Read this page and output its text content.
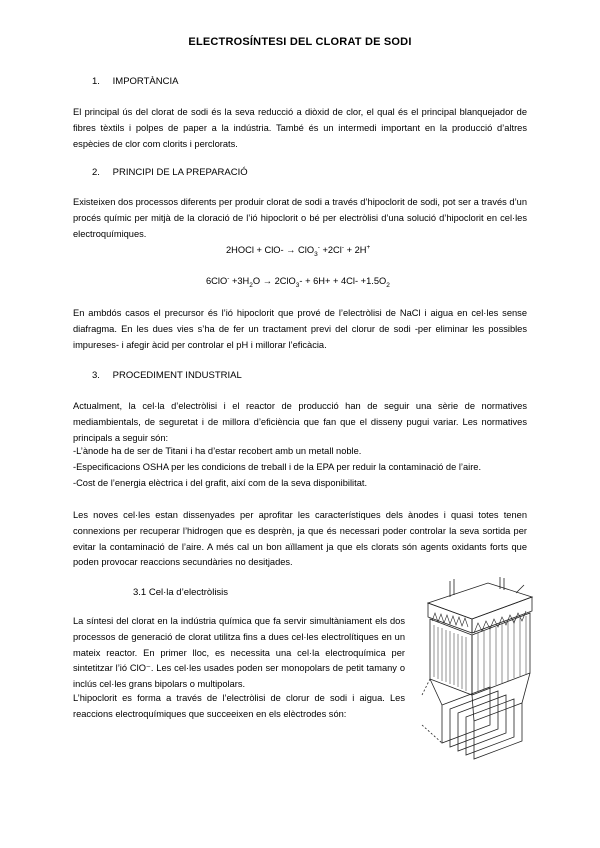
ELECTROSÍNTESI DEL CLORAT DE SODI
1. IMPORTÀNCIA

El principal ús del clorat de sodi és la seva reducció a diòxid de clor, el qual és el principal blanquejador de fibres tèxtils i polpes de paper a la indústria. També és un intermedi important en la producció d’altres espècies de clor com clorits i perclorats.

2. PRINCIPI DE LA PREPARACIÓ

Existeixen dos processos diferents per produir clorat de sodi a través d’hipoclorit de sodi, pot ser a través d’un procés químic per mitjà de la cloració de l’ió hipoclorit o bé per electròlisi d’una solució d’hipoclorit en cel·les electroquímiques.

2HOCl + ClO- → ClO$_3$- +2Cl- + 2H+
$6ClO^- +3H_2O \to 2ClO_3- + 6H+ + 4Cl- +1.5O_2$

En ambdós casos el precursor és l’ió hipoclorit que prové de l’electròlisi de NaCl i aigua en cel·les sense diafragma. En les dues vies s’ha de fer un tractament previ del clorur de sodi -per eliminar les possibles impureses- i afegir àcid per controlar el pH i millorar l’eficàcia.

3. PROCEDIMENT INDUSTRIAL

Actualment, la cel·la d’electròlisi i el reactor de producció han de seguir una sèrie de normatives mediambientals, de seguretat i de millora d’eficiència que fan que el disseny pugui variar. Les normatives principals a seguir són:

-L’ànode ha de ser de Titani i ha d’estar recobert amb un metall noble.
-Especificacions OSHA per les condicions de treball i de la EPA per reduir la contaminació de l’aire.
-Cost de l’energia elèctrica i del grafit, així com de la seva disponibilitat.

Les noves cel·les estan dissenyades per aprofitar les característiques dels ànodes i quasi totes tenen connexions per recuperar l’hidrogen que es desprèn, ja que és necessari poder controlar la seva sortida per evitar la contaminació de l’aire. A més cal un bon aïllament ja que els clorats són agents oxidants forts que poden provocar reaccions secundàries no desitjades.

3.1 Cel·la d’electròlisis

La síntesi del clorat en la indústria química que fa servir simultàniament els dos processos de generació de clorat utilitza fins a dues cel·les electrolítiques en un mateix reactor. En primer lloc, es necessita una cel·la electroquímica per sintetitzar l’ió ClO⁻. Les cel·les usades poden ser monopolars de petit tamany o inclús cel·les grans bipolars o multipolars.

L’hipoclorit es forma a través de l’electròlisi de clorur de sodi i aigua. Les reaccions electroquímiques que succeeixen en els elèctrodes són:
